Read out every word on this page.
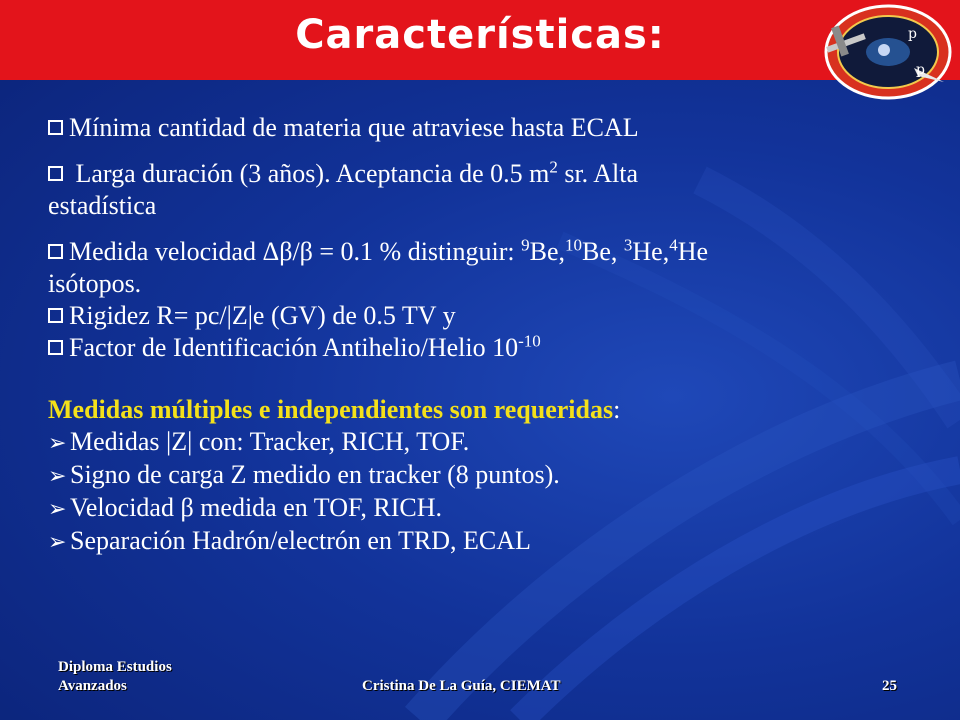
Características:	p
p

Mínima cantidad de materia que atraviese hasta ECAL

Larga duración (3 años). Aceptancia de 0.5 $m^2$ sr. Alta

estadística

Medida velocidad Δβ/β = 0.1 % distinguir: $^9$Be,$^{10}$Be, $^3$He,$^4$He

isótopos.

Rigidez R= pc/|Z|e (GV) de 0.5 TV y

Factor de Identificación Antihelio/Helio $10^{-10}$

Medidas múltiples e independientes son requeridas:

➢ Medidas |Z| con: Tracker, RICH, TOF.

➢ Signo de carga Z medido en tracker (8 puntos).

➢ Velocidad β medida en TOF, RICH.

➢ Separación Hadrón/electrón en TRD, ECAL

Diploma Estudios
Avanzados	Cristina De La Guía, CIEMAT	25
